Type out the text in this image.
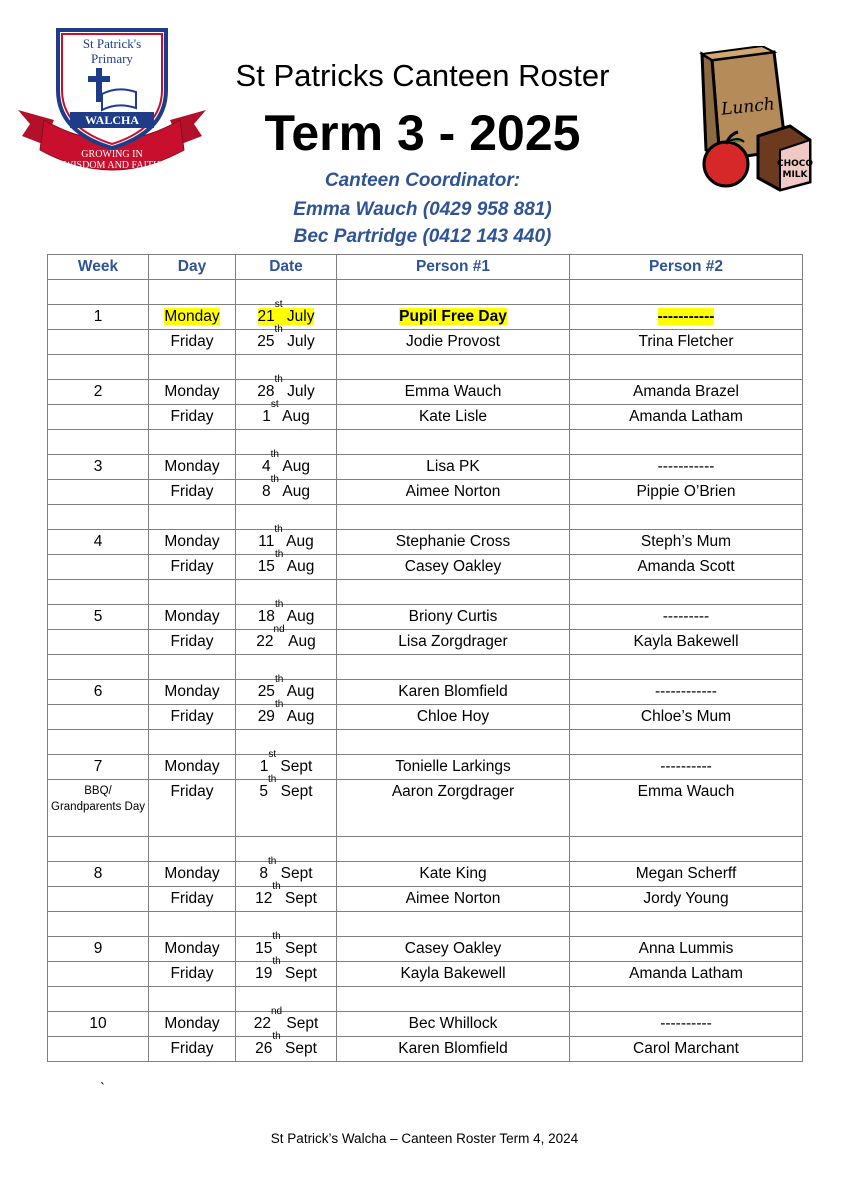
St Patrick's
Primary
WALCHA
GROWING IN
WISDOM AND FAITH
Lunch
CHOCO
MILK
St Patricks Canteen Roster
Term 3 - 2025
Canteen Coordinator:
Emma Wauch (0429 958 881)
Bec Partridge (0412 143 440)
Week	Day	Date	Person #1	Person #2

1	Monday	21st July	Pupil Free Day	-----------
	Friday	25th July	Jodie Provost	Trina Fletcher

2	Monday	28th July	Emma Wauch	Amanda Brazel
	Friday	1st Aug	Kate Lisle	Amanda Latham

3	Monday	4th Aug	Lisa PK	-----------
	Friday	8th Aug	Aimee Norton	Pippie O’Brien

4	Monday	11th Aug	Stephanie Cross	Steph’s Mum
	Friday	15th Aug	Casey Oakley	Amanda Scott

5	Monday	18th Aug	Briony Curtis	---------
	Friday	22nd Aug	Lisa Zorgdrager	Kayla Bakewell

6	Monday	25th Aug	Karen Blomfield	------------
	Friday	29th Aug	Chloe Hoy	Chloe’s Mum

7	Monday	1st Sept	Tonielle Larkings	----------
BBQ/ Grandparents Day	Friday	5th Sept	Aaron Zorgdrager	Emma Wauch

8	Monday	8th Sept	Kate King	Megan Scherff
	Friday	12th Sept	Aimee Norton	Jordy Young

9	Monday	15th Sept	Casey Oakley	Anna Lummis
	Friday	19th Sept	Kayla Bakewell	Amanda Latham

10	Monday	22nd Sept	Bec Whillock	----------
	Friday	26th Sept	Karen Blomfield	Carol Marchant
`
St Patrick’s Walcha – Canteen Roster Term 4, 2024
